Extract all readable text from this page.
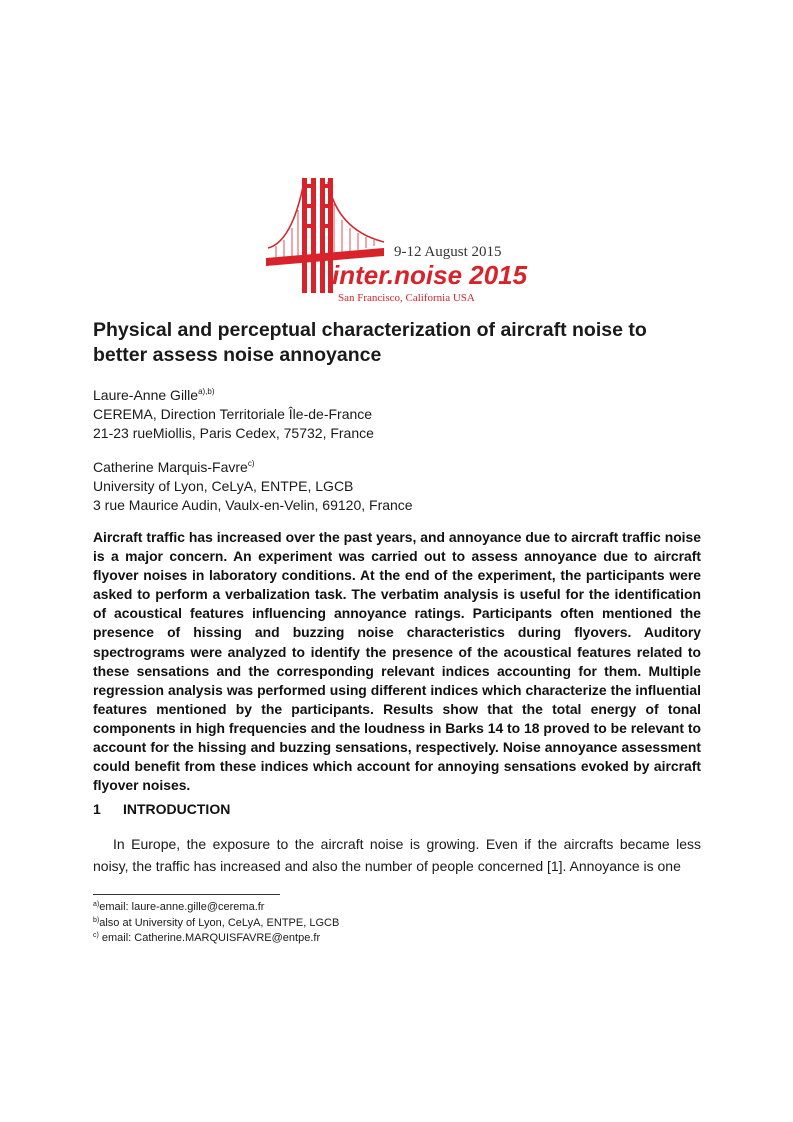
9-12 August 2015
inter.noise 2015
San Francisco, California USA
Physical and perceptual characterization of aircraft noise to better assess noise annoyance
Laure-Anne Gille$^{a),b)}$
CEREMA, Direction Territoriale Île-de-France
21-23 rueMiollis, Paris Cedex, 75732, France
Catherine Marquis-Favre$^{c)}$
University of Lyon, CeLyA, ENTPE, LGCB
3 rue Maurice Audin, Vaulx-en-Velin, 69120, France
Aircraft traffic has increased over the past years, and annoyance due to aircraft traffic noise is a major concern. An experiment was carried out to assess annoyance due to aircraft flyover noises in laboratory conditions. At the end of the experiment, the participants were asked to perform a verbalization task. The verbatim analysis is useful for the identification of acoustical features influencing annoyance ratings. Participants often mentioned the presence of hissing and buzzing noise characteristics during flyovers. Auditory spectrograms were analyzed to identify the presence of the acoustical features related to these sensations and the corresponding relevant indices accounting for them. Multiple regression analysis was performed using different indices which characterize the influential features mentioned by the participants. Results show that the total energy of tonal components in high frequencies and the loudness in Barks 14 to 18 proved to be relevant to account for the hissing and buzzing sensations, respectively. Noise annoyance assessment could benefit from these indices which account for annoying sensations evoked by aircraft flyover noises.
1 INTRODUCTION
In Europe, the exposure to the aircraft noise is growing. Even if the aircrafts became less noisy, the traffic has increased and also the number of people concerned [1]. Annoyance is one
$^{a)}$email: laure-anne.gille@cerema.fr
$^{b)}$also at University of Lyon, CeLyA, ENTPE, LGCB
$^{c)}$ email: Catherine.MARQUISFAVRE@entpe.fr
